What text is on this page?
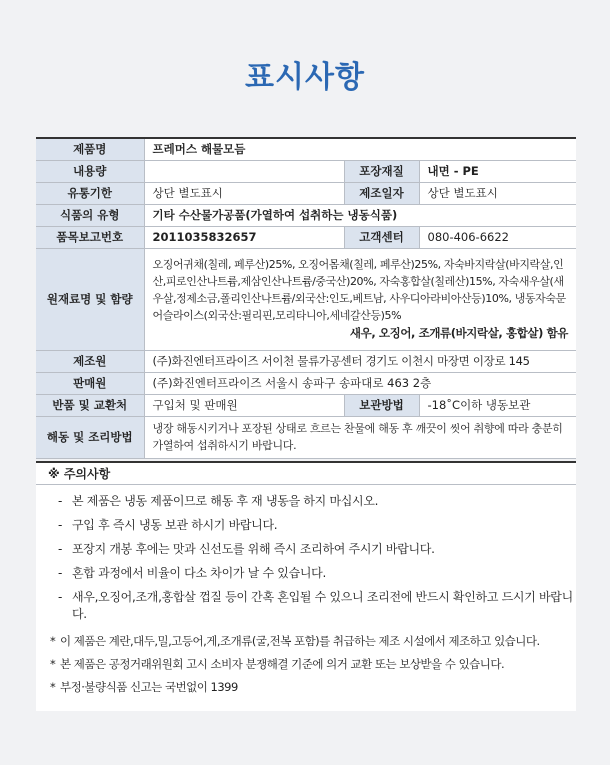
표시사항
제품명	프레머스 해물모듬		
내용량		포장재질	내면 - PE
유통기한	상단 별도표시	제조일자	상단 별도표시
식품의 유형	기타 수산물가공품(가열하여 섭취하는 냉동식품)		
품목보고번호	2011035832657	고객센터	080-406-6622
원재료명 및 함량	오징어귀채(칠레, 페루산)25%, 오징어몸채(칠레, 페루산)25%, 자숙바지락살(바지락살,인산,피로인산나트륨,제삼인산나트륨/중국산)20%, 자숙홍합살(칠레산)15%, 자숙새우살(새우살,정제소금,폴리인산나트륨/외국산:인도,베트남, 사우디아라비아산등)10%, 냉동자숙문어슬라이스(외국산:필리핀,모리타니아,세네갈산등)5%
새우, 오징어, 조개류(바지락살, 홍합살) 함유		

제조원	(주)화진엔터프라이즈 서이천 물류가공센터 경기도 이천시 마장면 이장로 145		
판매원	(주)화진엔터프라이즈 서울시 송파구 송파대로 463 2층		
반품 및 교환처	구입처 및 판매원	보관방법	-18˚C이하 냉동보관
해동 및 조리방법	냉장 해동시키거나 포장된 상태로 흐르는 찬물에 해동 후 깨끗이 씻어 취향에 따라 충분히 가열하여 섭취하시기 바랍니다.		
※ 주의사항
- 본 제품은 냉동 제품이므로 해동 후 재 냉동을 하지 마십시오.
- 구입 후 즉시 냉동 보관 하시기 바랍니다.
- 포장지 개봉 후에는 맛과 신선도를 위해 즉시 조리하여 주시기 바랍니다.
- 혼합 과정에서 비율이 다소 차이가 날 수 있습니다.
- 새우,오징어,조개,홍합살 껍질 등이 간혹 혼입될 수 있으니 조리전에 반드시 확인하고 드시기 바랍니다.
* 이 제품은 계란,대두,밀,고등어,게,조개류(굴,전복 포함)를 취급하는 제조 시설에서 제조하고 있습니다.
* 본 제품은 공정거래위원회 고시 소비자 분쟁해결 기준에 의거 교환 또는 보상받을 수 있습니다.
* 부정·불량식품 신고는 국번없이 1399
